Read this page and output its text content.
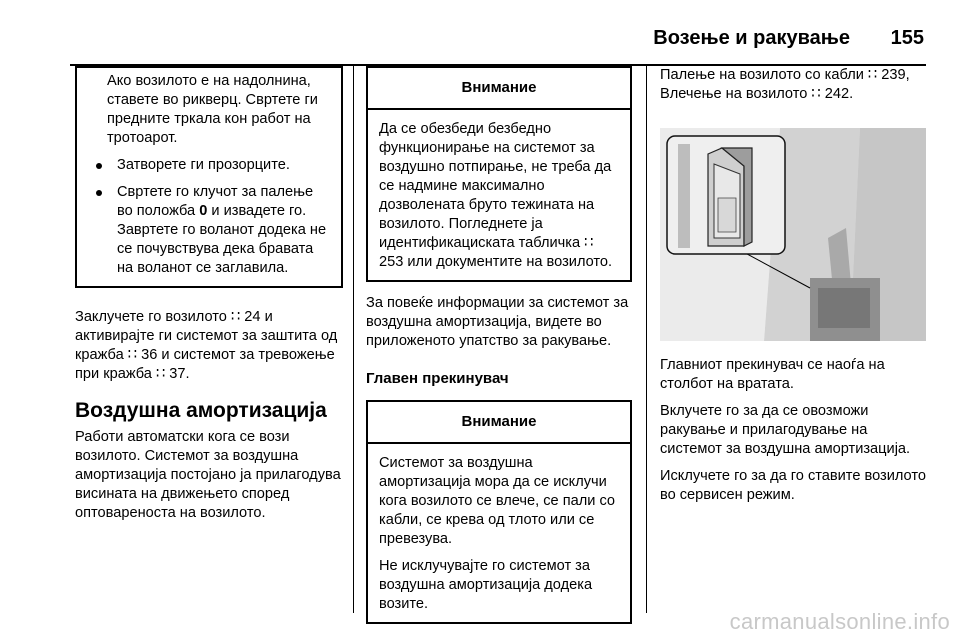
Возење и ракување 155
Ако возилото е на надолнина, ставете во рикверц. Свртете ги предните тркала кон работ на тротоарот.
Затворете ги прозорците.
Свртете го клучот за палење во положба 0 и извадете го. Завртете го воланот додека не се почувствува дека бравата на воланот се заглавила.
Заклучете го возилото ∷ 24 и активирајте ги системот за заштита од кражба ∷ 36 и системот за тревожење при кражба ∷ 37.
Воздушна амортизација
Работи автоматски кога се вози возилото. Системот за воздушна амортизација постојано ја прилагодува висината на движењето според оптовареноста на возилото.
Внимание
Да се обезбеди безбедно функционирање на системот за воздушно потпирање, не треба да се надмине максимално дозволената бруто тежината на возилото. Погледнете ја идентификациската табличка ∷ 253 или документите на возилото.
За повеќе информации за системот за воздушна амортизација, видете во приложеното упатство за ракување.
Главен прекинувач
Внимание
Системот за воздушна амортизација мора да се исклучи кога возилото се влече, се пали со кабли, се крева од тлото или се превезува.
Не исклучувајте го системот за воздушна амортизација додека возите.
Палење на возилото со кабли ∷ 239, Влечење на возилото ∷ 242.
Главниот прекинувач се наоѓа на столбот на вратата.
Вклучете го за да се овозможи ракување и прилагодување на системот за воздушна амортизација.
Исклучете го за да го ставите возилото во сервисен режим.
carmanualsonline.info
